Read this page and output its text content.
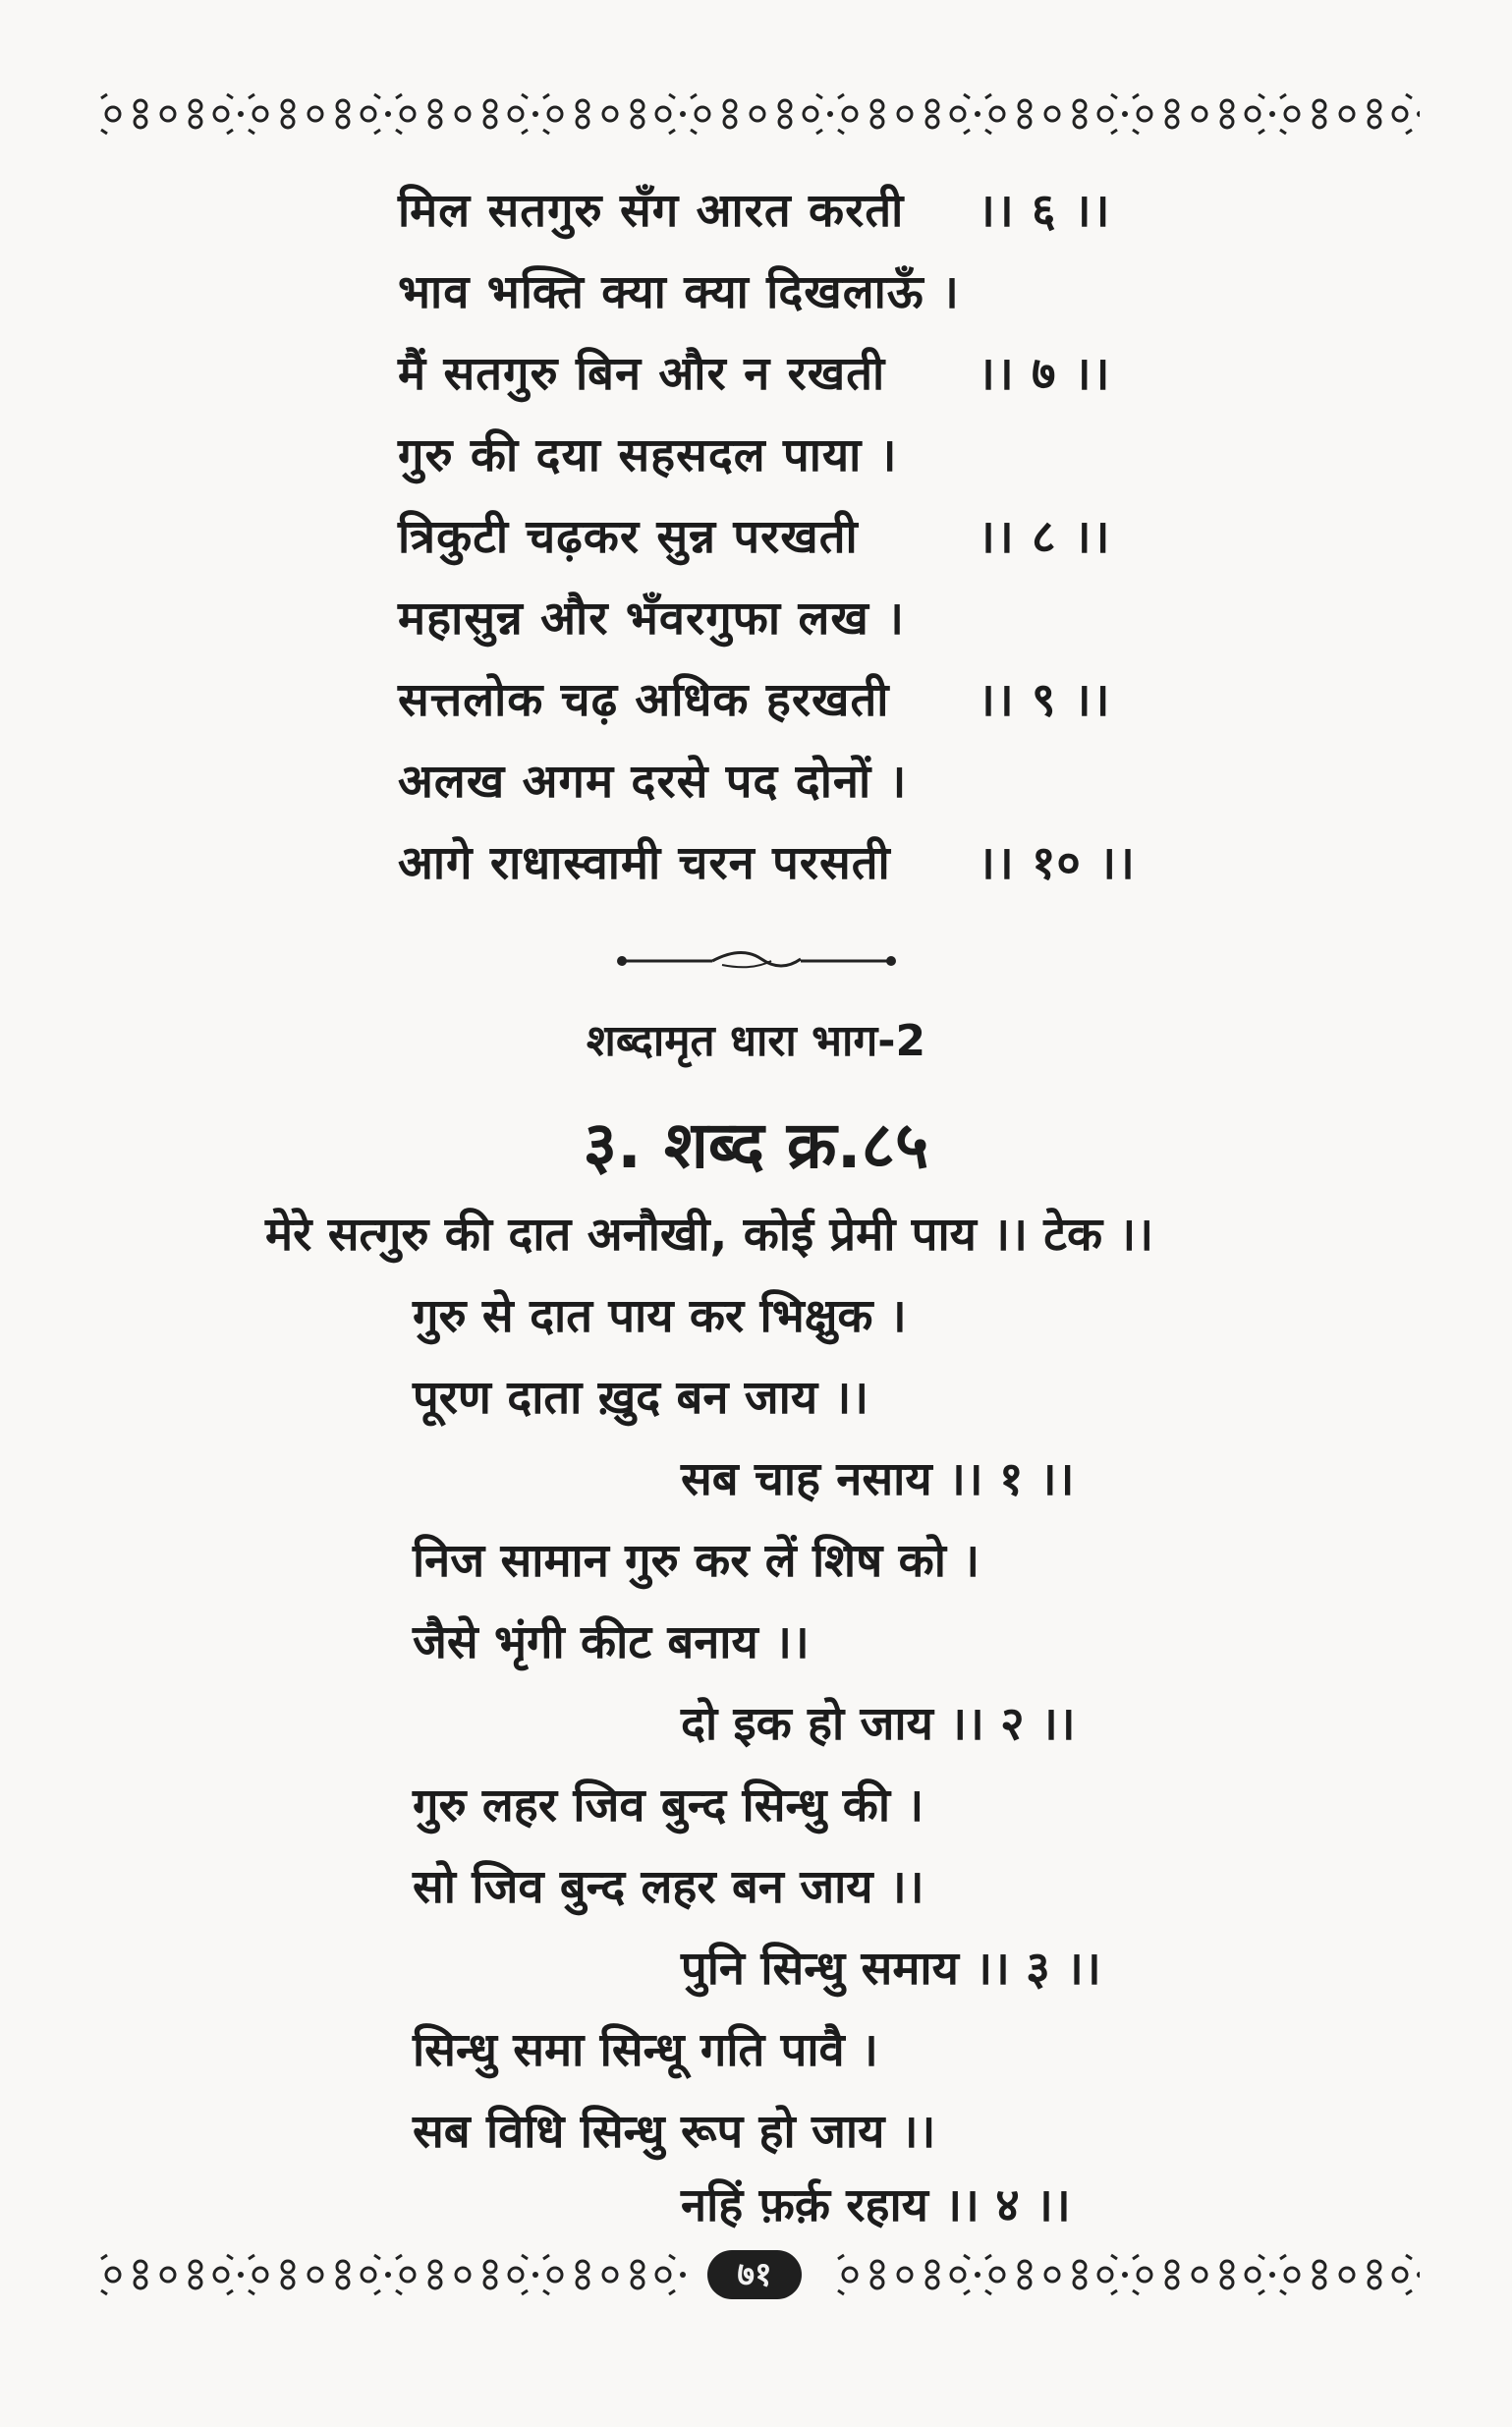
मिल सतगुरु सँग आरत करती ।। ६ ।।
भाव भक्ति क्या क्या दिखलाऊँ ।
मैं सतगुरु बिन और न रखती ।। ७ ।।
गुरु की दया सहसदल पाया ।
त्रिकुटी चढ़कर सुन्न परखती	।। ८ ।।
महासुन्न और भँवरगुफा लख ।
सत्तलोक चढ़ अधिक हरखती ।। ९ ।।
अलख अगम दरसे पद दोनों ।
आगे राधास्वामी चरन परसती ।। १० ।।
शब्दामृत धारा भाग-2
३. शब्द क्र.८५
मेरे सत्गुरु की दात अनौखी, कोई प्रेमी पाय ।। टेक ।।
गुरु से दात पाय कर भिक्षुक ।
पूरण दाता ख़ुद बन जाय ।।
सब चाह नसाय ।। १ ।।
निज सामान गुरु कर लें शिष को ।
जैसे भृंगी कीट बनाय ।।
दो इक हो जाय ।। २ ।।
गुरु लहर जिव बुन्द सिन्धु की ।
सो जिव बुन्द लहर बन जाय ।।
पुनि सिन्धु समाय ।। ३ ।।
सिन्धु समा सिन्धू गति पावै ।
सब विधि सिन्धु रूप हो जाय ।।
नहिं फ़र्क़ रहाय ।। ४ ।।
७१
